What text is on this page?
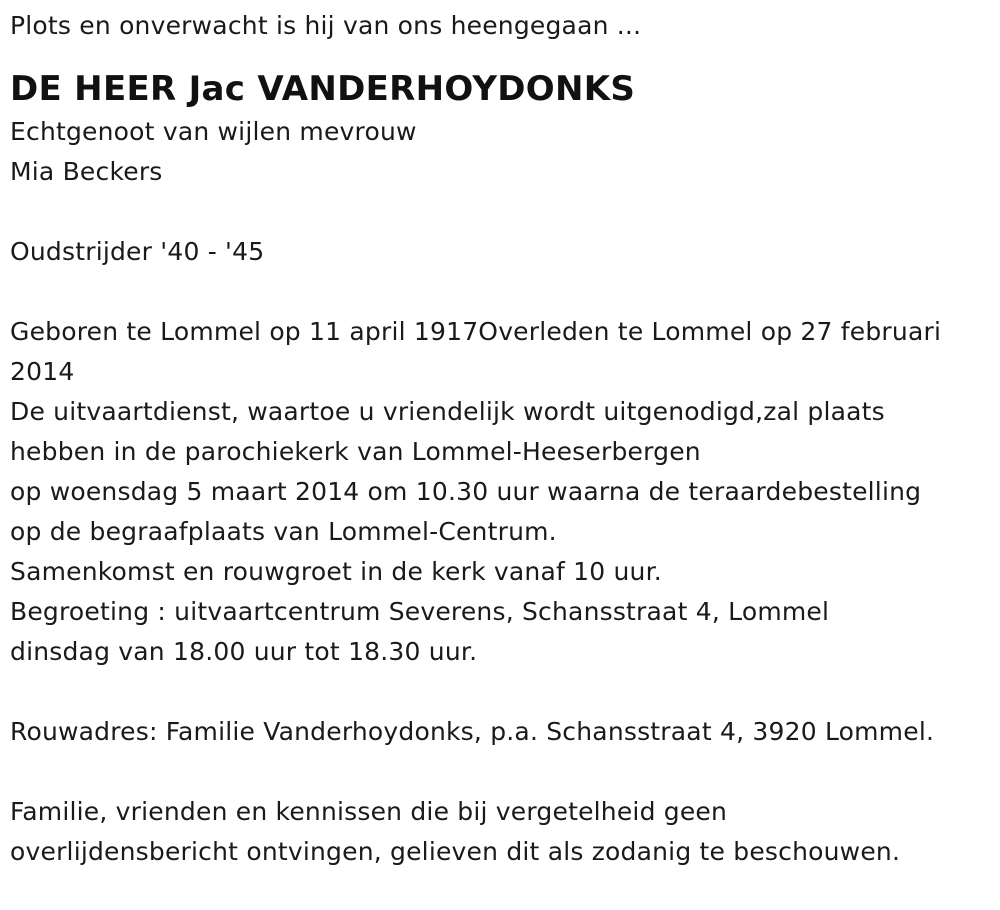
Plots en onverwacht is hij van ons heengegaan ...
DE HEER Jac VANDERHOYDONKS
Echtgenoot van wijlen mevrouw
Mia Beckers
Oudstrijder '40 - '45
Geboren te Lommel op 11 april 1917Overleden te Lommel op 27 februari
2014
De uitvaartdienst, waartoe u vriendelijk wordt uitgenodigd,zal plaats
hebben in de parochiekerk van Lommel-Heeserbergen
op woensdag 5 maart 2014 om 10.30 uur waarna de teraardebestelling
op de begraafplaats van Lommel-Centrum.
Samenkomst en rouwgroet in de kerk vanaf 10 uur.
Begroeting : uitvaartcentrum Severens, Schansstraat 4, Lommel
dinsdag van 18.00 uur tot 18.30 uur.
Rouwadres: Familie Vanderhoydonks, p.a. Schansstraat 4, 3920 Lommel.
Familie, vrienden en kennissen die bij vergetelheid geen
overlijdensbericht ontvingen, gelieven dit als zodanig te beschouwen.
